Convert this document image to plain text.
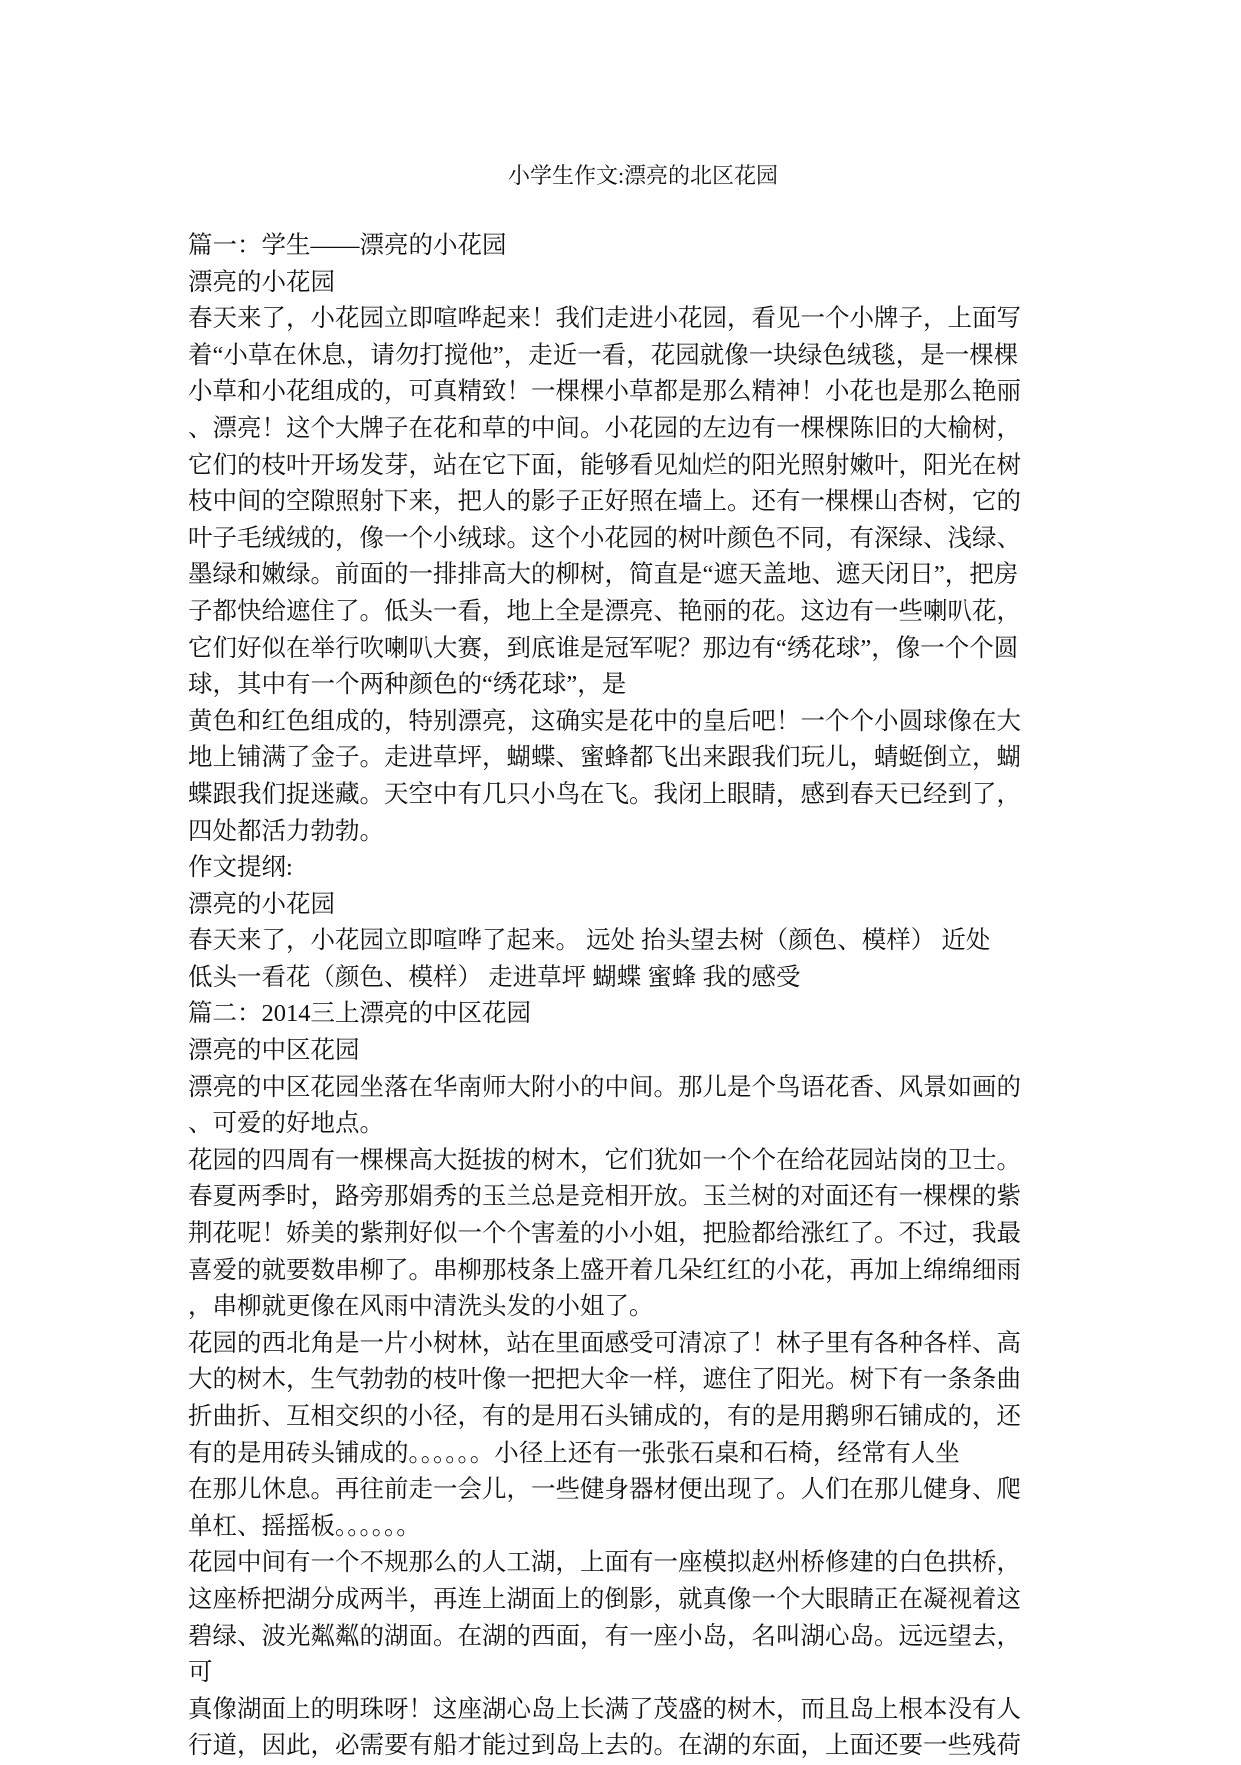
小学生作文:漂亮的北区花园

篇一：学生——漂亮的小花园

漂亮的小花园

春天来了，小花园立即喧哗起来！我们走进小花园，看见一个小牌子，上面写

着“小草在休息，请勿打搅他”，走近一看，花园就像一块绿色绒毯，是一棵棵

小草和小花组成的，可真精致！一棵棵小草都是那么精神！小花也是那么艳丽

、漂亮！这个大牌子在花和草的中间。小花园的左边有一棵棵陈旧的大榆树，

它们的枝叶开场发芽，站在它下面，能够看见灿烂的阳光照射嫩叶，阳光在树

枝中间的空隙照射下来，把人的影子正好照在墙上。还有一棵棵山杏树，它的

叶子毛绒绒的，像一个小绒球。这个小花园的树叶颜色不同，有深绿、浅绿、

墨绿和嫩绿。前面的一排排高大的柳树，简直是“遮天盖地、遮天闭日”，把房

子都快给遮住了。低头一看，地上全是漂亮、艳丽的花。这边有一些喇叭花，

它们好似在举行吹喇叭大赛，到底谁是冠军呢？那边有“绣花球”，像一个个圆

球，其中有一个两种颜色的“绣花球”，是

黄色和红色组成的，特别漂亮，这确实是花中的皇后吧！一个个小圆球像在大

地上铺满了金子。走进草坪，蝴蝶、蜜蜂都飞出来跟我们玩儿，蜻蜓倒立，蝴

蝶跟我们捉迷藏。天空中有几只小鸟在飞。我闭上眼睛，感到春天已经到了，

四处都活力勃勃。

作文提纲:

漂亮的小花园

春天来了，小花园立即喧哗了起来。 远处 抬头望去树（颜色、模样） 近处

低头一看花（颜色、模样） 走进草坪 蝴蝶 蜜蜂 我的感受

篇二：2014三上漂亮的中区花园

漂亮的中区花园

漂亮的中区花园坐落在华南师大附小的中间。那儿是个鸟语花香、风景如画的

、可爱的好地点。

花园的四周有一棵棵高大挺拔的树木，它们犹如一个个在给花园站岗的卫士。

春夏两季时，路旁那娟秀的玉兰总是竞相开放。玉兰树的对面还有一棵棵的紫

荆花呢！娇美的紫荆好似一个个害羞的小小姐，把脸都给涨红了。不过，我最

喜爱的就要数串柳了。串柳那枝条上盛开着几朵红红的小花，再加上绵绵细雨

，串柳就更像在风雨中清洗头发的小姐了。

花园的西北角是一片小树林，站在里面感受可清凉了！林子里有各种各样、高

大的树木，生气勃勃的枝叶像一把把大伞一样，遮住了阳光。树下有一条条曲

折曲折、互相交织的小径，有的是用石头铺成的，有的是用鹅卵石铺成的，还

有的是用砖头铺成的。。。。。。小径上还有一张张石桌和石椅，经常有人坐

在那儿休息。再往前走一会儿，一些健身器材便出现了。人们在那儿健身、爬

单杠、摇摇板。。。。。。

花园中间有一个不规那么的人工湖，上面有一座模拟赵州桥修建的白色拱桥，

这座桥把湖分成两半，再连上湖面上的倒影，就真像一个大眼睛正在凝视着这

碧绿、波光粼粼的湖面。在湖的西面，有一座小岛，名叫湖心岛。远远望去，

可

真像湖面上的明珠呀！这座湖心岛上长满了茂盛的树木，而且岛上根本没有人

行道，因此，必需要有船才能过到岛上去的。在湖的东面，上面还要一些残荷
